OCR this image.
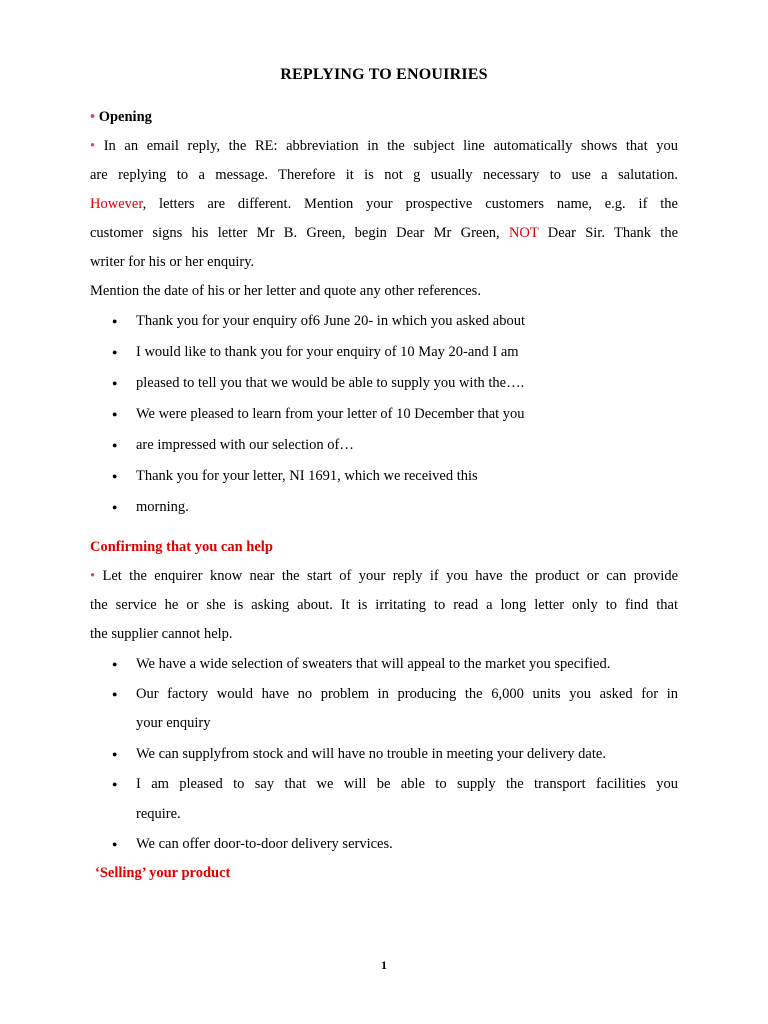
REPLYING TO ENOUIRIES
• Opening
• In an email reply, the RE: abbreviation in the subject line automatically shows that you
are replying to a message. Therefore it is not g usually necessary to use a salutation.
However, letters are different. Mention your prospective customers name, e.g. if the
customer signs his letter Mr B. Green, begin Dear Mr Green, NOT Dear Sir. Thank the
writer for his or her enquiry.
Mention the date of his or her letter and quote any other references.
● Thank you for your enquiry of6 June 20- in which you asked about
● I would like to thank you for your enquiry of 10 May 20-and I am
● pleased to tell you that we would be able to supply you with the….
● We were pleased to learn from your letter of 10 December that you
● are impressed with our selection of…
● Thank you for your letter, NI 1691, which we received this
● morning.
Confirming that you can help
• Let the enquirer know near the start of your reply if you have the product or can provide
the service he or she is asking about. It is irritating to read a long letter only to find that
the supplier cannot help.
● We have a wide selection of sweaters that will appeal to the market you specified.
● Our factory would have no problem in producing the 6,000 units you asked for in
your enquiry
● We can supplyfrom stock and will have no trouble in meeting your delivery date.
● I am pleased to say that we will be able to supply the transport facilities you
require.
● We can offer door-to-door delivery services.
‘Selling’ your product
1
